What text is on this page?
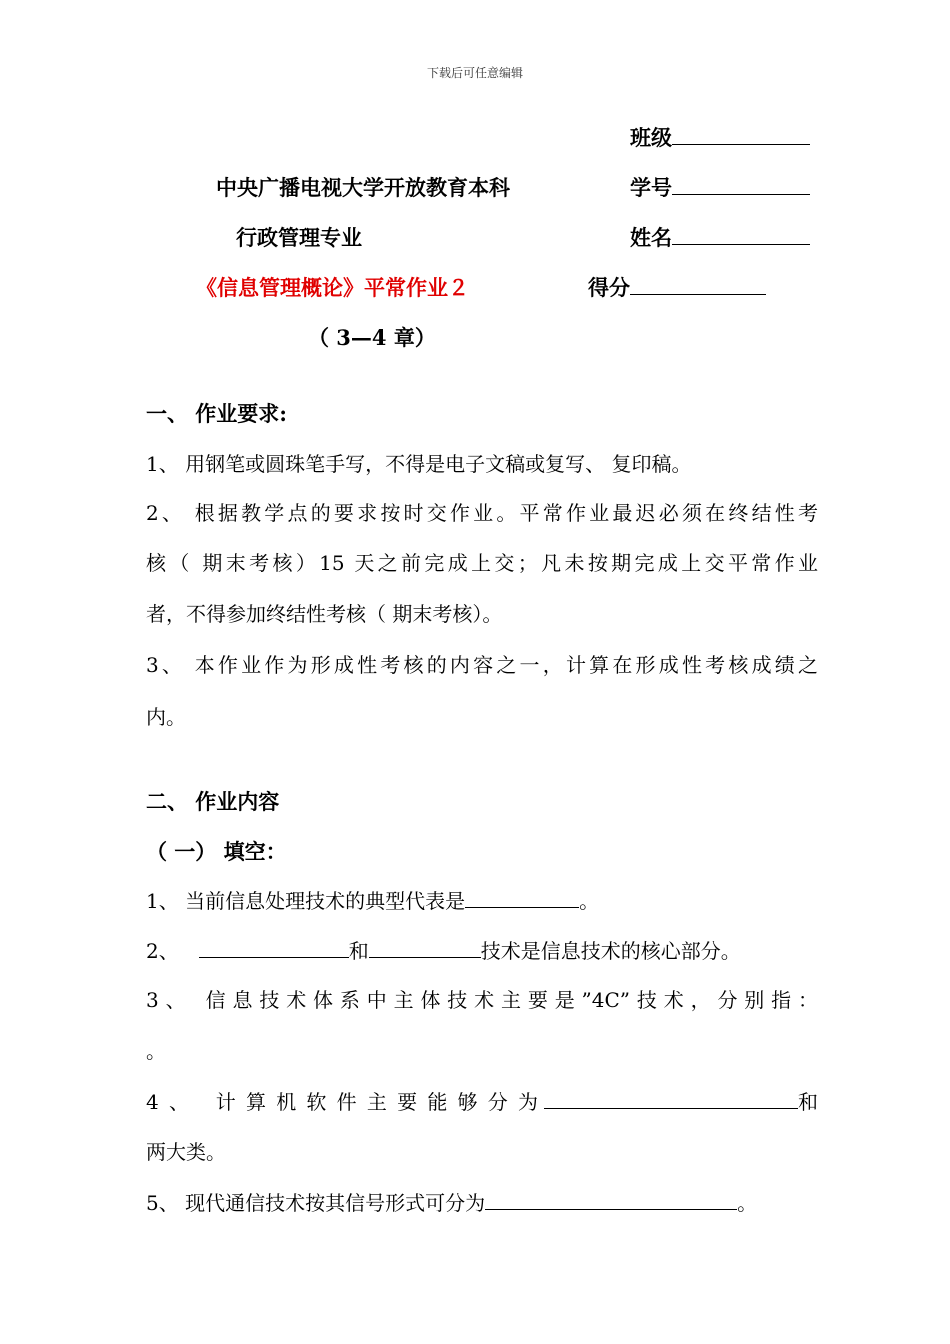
下载后可任意编辑
班级
学号
姓名
得分
中央广播电视大学开放教育本科
行政管理专业
《信息管理概论》平常作业２
（ 3—4 章）
一、 作业要求:
1、 用钢笔或圆珠笔手写，不得是电子文稿或复写、 复印稿。
2、 根据教学点的要求按时交作业。平常作业最迟必须在终结性考
核（ 期末考核）15 天之前完成上交；凡未按期完成上交平常作业
者，不得参加终结性考核（ 期末考核）。
3、 本作业作为形成性考核的内容之一，计算在形成性考核成绩之
内。
二、 作业内容
（ 一） 填空：
1、 当前信息处理技术的典型代表是	。
2、	和	技术是信息技术的核心部分。
3、 信息技术体系中主体技术主要是”4C”技术，分别指：
。
4、 计算机软件主要能够分为	和
两大类。
5、 现代通信技术按其信号形式可分为	。
